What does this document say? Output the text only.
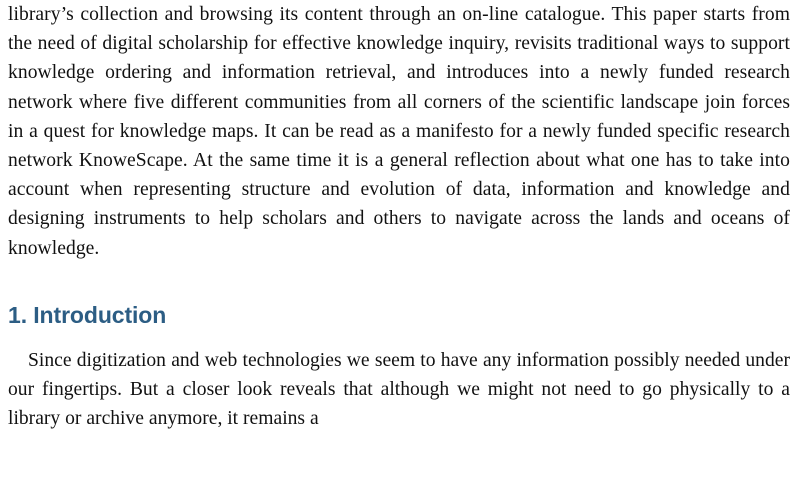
library’s collection and browsing its content through an on-line catalogue. This paper starts from the need of digital scholarship for effective knowledge inquiry, revisits traditional ways to support knowledge ordering and information retrieval, and introduces into a newly funded research network where five different communities from all corners of the scientific landscape join forces in a quest for knowledge maps. It can be read as a manifesto for a newly funded specific research network KnoweScape. At the same time it is a general reflection about what one has to take into account when representing structure and evolution of data, information and knowledge and designing instruments to help scholars and others to navigate across the lands and oceans of knowledge.

1. Introduction

Since digitization and web technologies we seem to have any information possibly needed under our fingertips. But a closer look reveals that although we might not need to go physically to a library or archive anymore, it remains a
